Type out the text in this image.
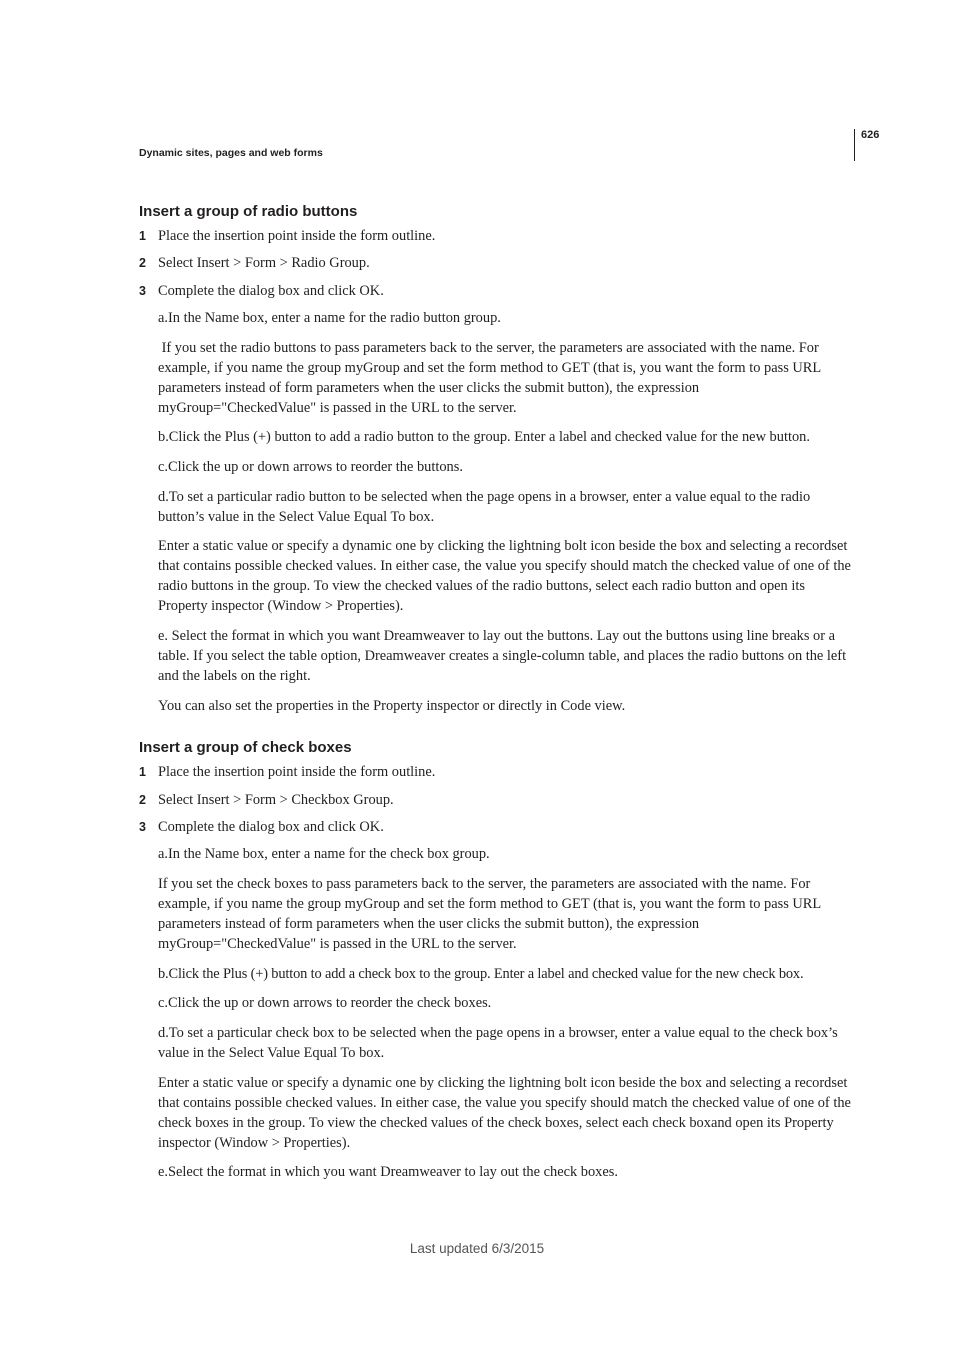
626
Dynamic sites, pages and web forms
Insert a group of radio buttons
1 Place the insertion point inside the form outline.

2 Select Insert > Form > Radio Group.

3 Complete the dialog box and click OK.

a.In the Name box, enter a name for the radio button group.

If you set the radio buttons to pass parameters back to the server, the parameters are associated with the name. For example, if you name the group myGroup and set the form method to GET (that is, you want the form to pass URL parameters instead of form parameters when the user clicks the submit button), the expression myGroup="CheckedValue" is passed in the URL to the server.

b.Click the Plus (+) button to add a radio button to the group. Enter a label and checked value for the new button.

c.Click the up or down arrows to reorder the buttons.

d.To set a particular radio button to be selected when the page opens in a browser, enter a value equal to the radio button’s value in the Select Value Equal To box.

Enter a static value or specify a dynamic one by clicking the lightning bolt icon beside the box and selecting a recordset that contains possible checked values. In either case, the value you specify should match the checked value of one of the radio buttons in the group. To view the checked values of the radio buttons, select each radio button and open its Property inspector (Window > Properties).

e. Select the format in which you want Dreamweaver to lay out the buttons. Lay out the buttons using line breaks or a table. If you select the table option, Dreamweaver creates a single-column table, and places the radio buttons on the left and the labels on the right.

You can also set the properties in the Property inspector or directly in Code view.

Insert a group of check boxes
1 Place the insertion point inside the form outline.

2 Select Insert > Form > Checkbox Group.

3 Complete the dialog box and click OK.

a.In the Name box, enter a name for the check box group.

If you set the check boxes to pass parameters back to the server, the parameters are associated with the name. For example, if you name the group myGroup and set the form method to GET (that is, you want the form to pass URL parameters instead of form parameters when the user clicks the submit button), the expression myGroup="CheckedValue" is passed in the URL to the server.

b.Click the Plus (+) button to add a check box to the group. Enter a label and checked value for the new check box.

c.Click the up or down arrows to reorder the check boxes.

d.To set a particular check box to be selected when the page opens in a browser, enter a value equal to the check box’s value in the Select Value Equal To box.

Enter a static value or specify a dynamic one by clicking the lightning bolt icon beside the box and selecting a recordset that contains possible checked values. In either case, the value you specify should match the checked value of one of the check boxes in the group. To view the checked values of the check boxes, select each check boxand open its Property inspector (Window > Properties).

e.Select the format in which you want Dreamweaver to lay out the check boxes.

Last updated 6/3/2015
